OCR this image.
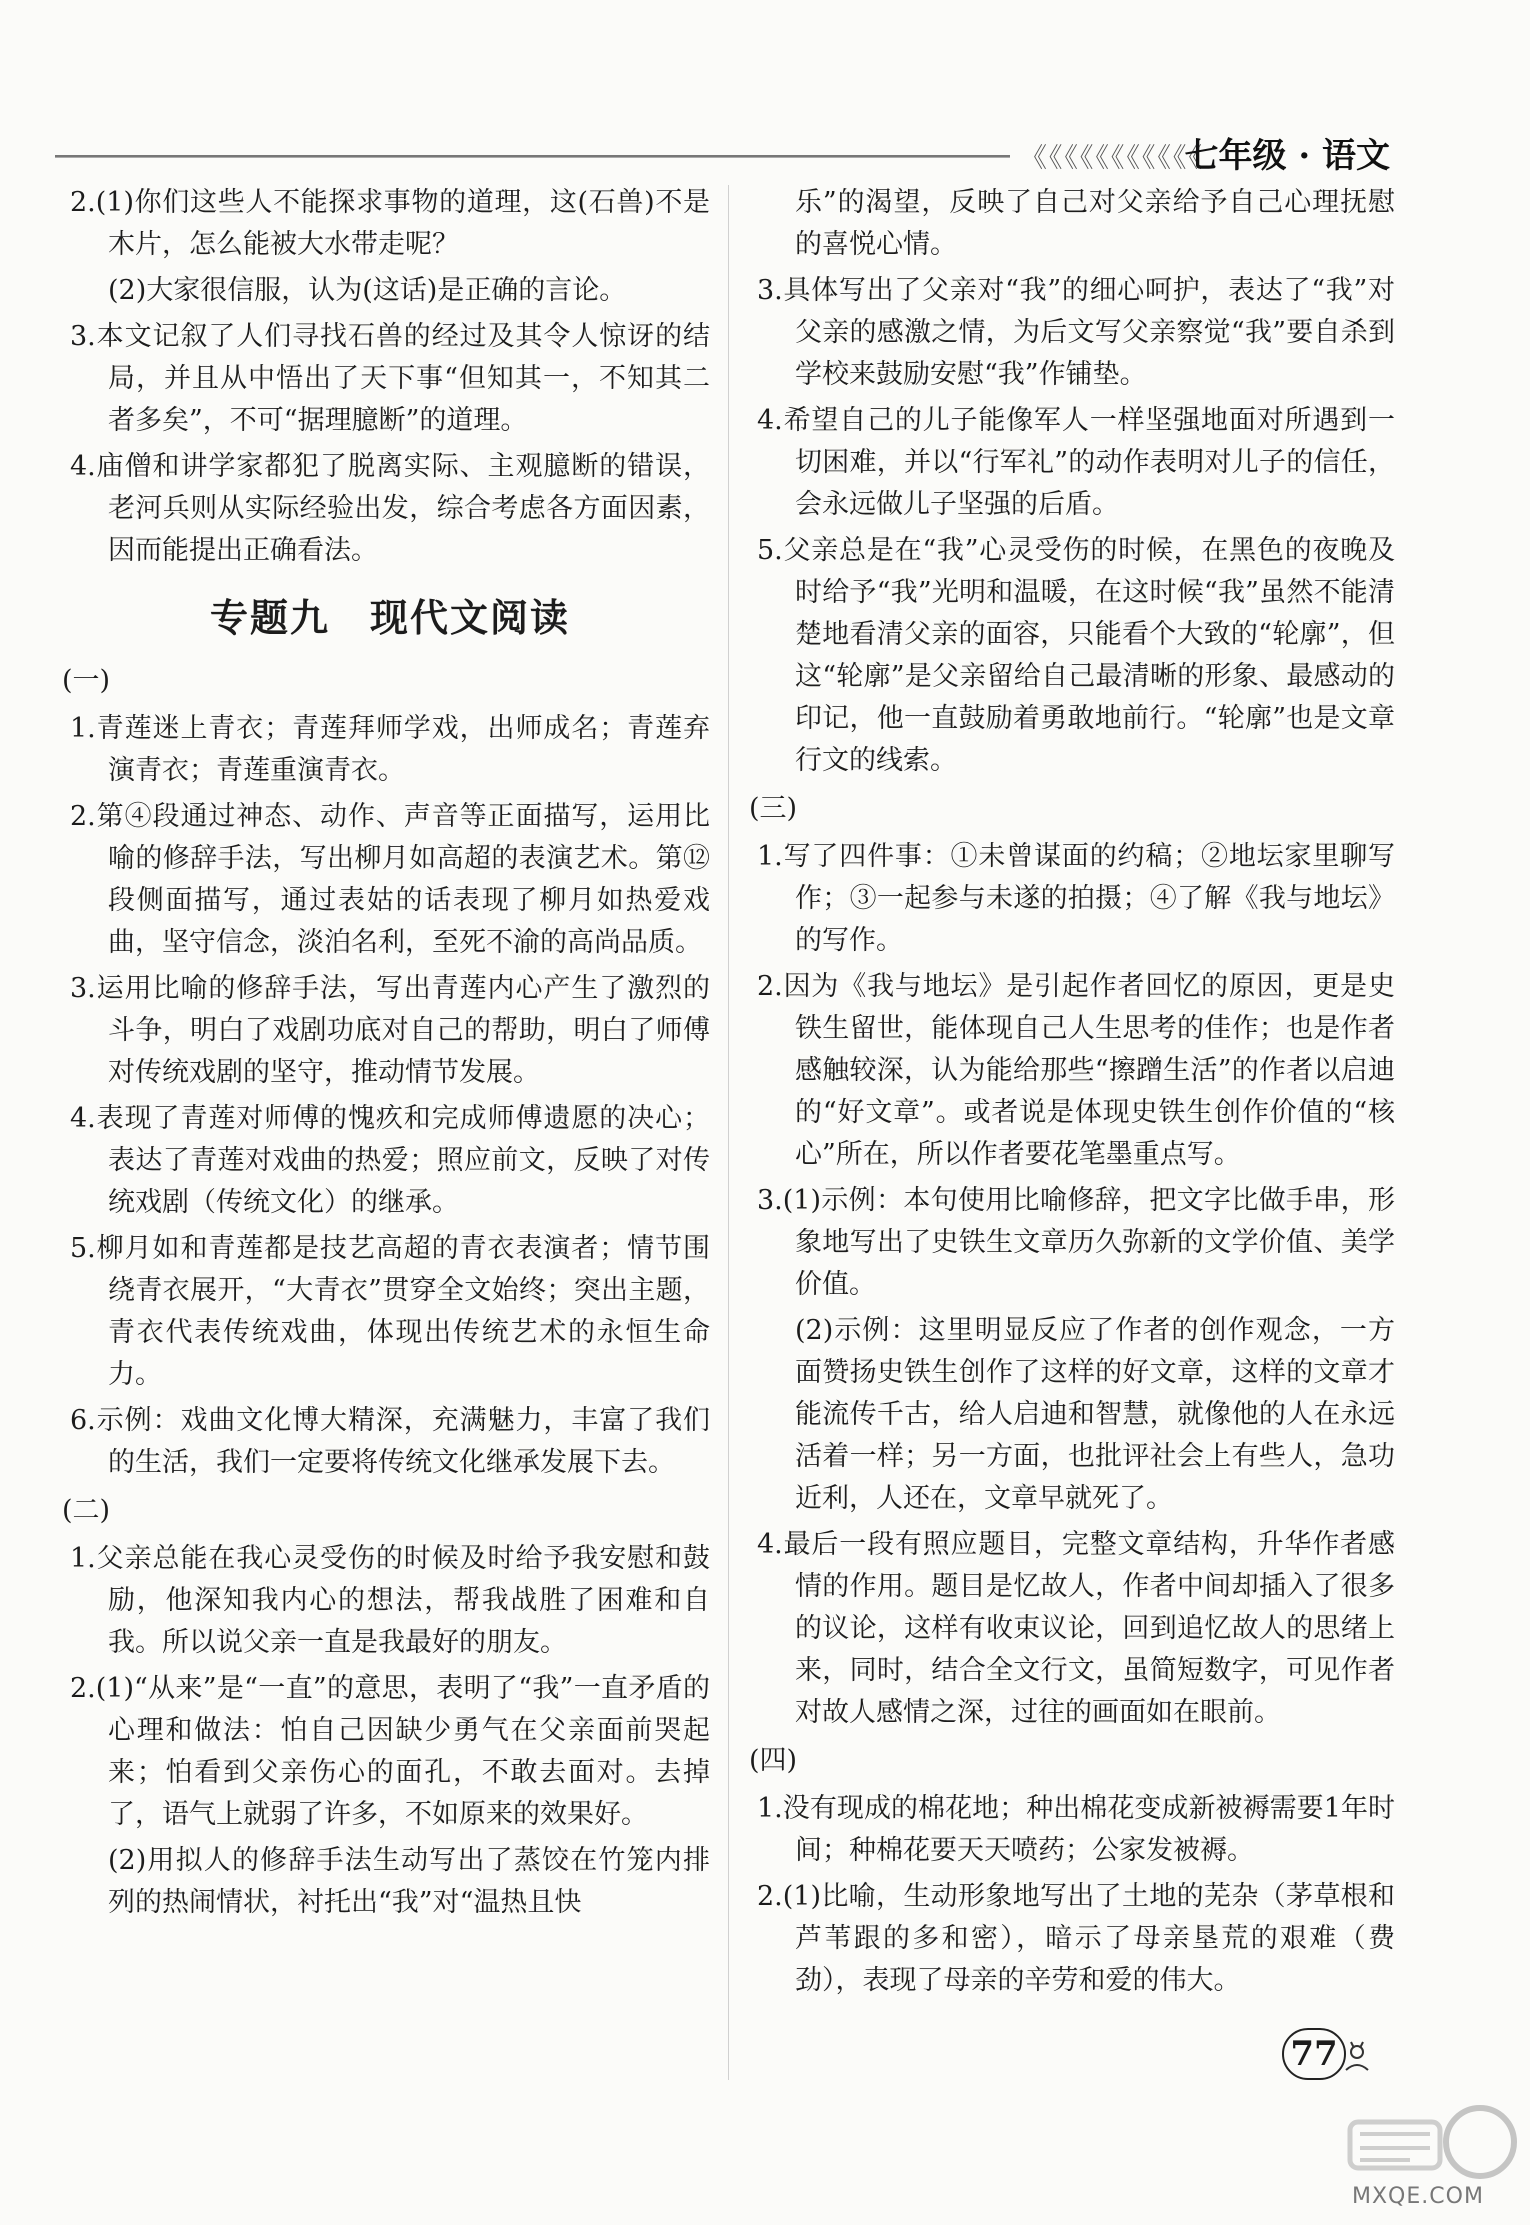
《《《《《《《《《《《
七年级 · 语文

2.(1)你们这些人不能探求事物的道理，这(石兽)不是木片，怎么能被大水带走呢？

(2)大家很信服，认为(这话)是正确的言论。

3.本文记叙了人们寻找石兽的经过及其令人惊讶的结局，并且从中悟出了天下事“但知其一，不知其二者多矣”，不可“据理臆断”的道理。

4.庙僧和讲学家都犯了脱离实际、主观臆断的错误，老河兵则从实际经验出发，综合考虑各方面因素，因而能提出正确看法。

专题九　现代文阅读
(一)

1.青莲迷上青衣；青莲拜师学戏，出师成名；青莲弃演青衣；青莲重演青衣。

2.第④段通过神态、动作、声音等正面描写，运用比喻的修辞手法，写出柳月如高超的表演艺术。第⑫段侧面描写，通过表姑的话表现了柳月如热爱戏曲，坚守信念，淡泊名利，至死不渝的高尚品质。

3.运用比喻的修辞手法，写出青莲内心产生了激烈的斗争，明白了戏剧功底对自己的帮助，明白了师傅对传统戏剧的坚守，推动情节发展。

4.表现了青莲对师傅的愧疚和完成师傅遗愿的决心；表达了青莲对戏曲的热爱；照应前文，反映了对传统戏剧（传统文化）的继承。

5.柳月如和青莲都是技艺高超的青衣表演者；情节围绕青衣展开，“大青衣”贯穿全文始终；突出主题，青衣代表传统戏曲，体现出传统艺术的永恒生命力。

6.示例：戏曲文化博大精深，充满魅力，丰富了我们的生活，我们一定要将传统文化继承发展下去。

(二)

1.父亲总能在我心灵受伤的时候及时给予我安慰和鼓励，他深知我内心的想法，帮我战胜了困难和自我。所以说父亲一直是我最好的朋友。

2.(1)“从来”是“一直”的意思，表明了“我”一直矛盾的心理和做法：怕自己因缺少勇气在父亲面前哭起来；怕看到父亲伤心的面孔，不敢去面对。去掉了，语气上就弱了许多，不如原来的效果好。

(2)用拟人的修辞手法生动写出了蒸饺在竹笼内排列的热闹情状，衬托出“我”对“温热且快

乐”的渴望，反映了自己对父亲给予自己心理抚慰的喜悦心情。

3.具体写出了父亲对“我”的细心呵护，表达了“我”对父亲的感激之情，为后文写父亲察觉“我”要自杀到学校来鼓励安慰“我”作铺垫。

4.希望自己的儿子能像军人一样坚强地面对所遇到一切困难，并以“行军礼”的动作表明对儿子的信任，会永远做儿子坚强的后盾。

5.父亲总是在“我”心灵受伤的时候，在黑色的夜晚及时给予“我”光明和温暖，在这时候“我”虽然不能清楚地看清父亲的面容，只能看个大致的“轮廓”，但这“轮廓”是父亲留给自己最清晰的形象、最感动的印记，他一直鼓励着勇敢地前行。“轮廓”也是文章行文的线索。

(三)

1.写了四件事：①未曾谋面的约稿；②地坛家里聊写作；③一起参与未遂的拍摄；④了解《我与地坛》的写作。

2.因为《我与地坛》是引起作者回忆的原因，更是史铁生留世，能体现自己人生思考的佳作；也是作者感触较深，认为能给那些“擦蹭生活”的作者以启迪的“好文章”。或者说是体现史铁生创作价值的“核心”所在，所以作者要花笔墨重点写。

3.(1)示例：本句使用比喻修辞，把文字比做手串，形象地写出了史铁生文章历久弥新的文学价值、美学价值。

(2)示例：这里明显反应了作者的创作观念，一方面赞扬史铁生创作了这样的好文章，这样的文章才能流传千古，给人启迪和智慧，就像他的人在永远活着一样；另一方面，也批评社会上有些人，急功近利，人还在，文章早就死了。

4.最后一段有照应题目，完整文章结构，升华作者感情的作用。题目是忆故人，作者中间却插入了很多的议论，这样有收束议论，回到追忆故人的思绪上来，同时，结合全文行文，虽简短数字，可见作者对故人感情之深，过往的画面如在眼前。

(四)

1.没有现成的棉花地；种出棉花变成新被褥需要1年时间；种棉花要天天喷药；公家发被褥。

2.(1)比喻，生动形象地写出了土地的芜杂（茅草根和芦苇跟的多和密），暗示了母亲垦荒的艰难（费劲），表现了母亲的辛劳和爱的伟大。

77
MXQE.COM
